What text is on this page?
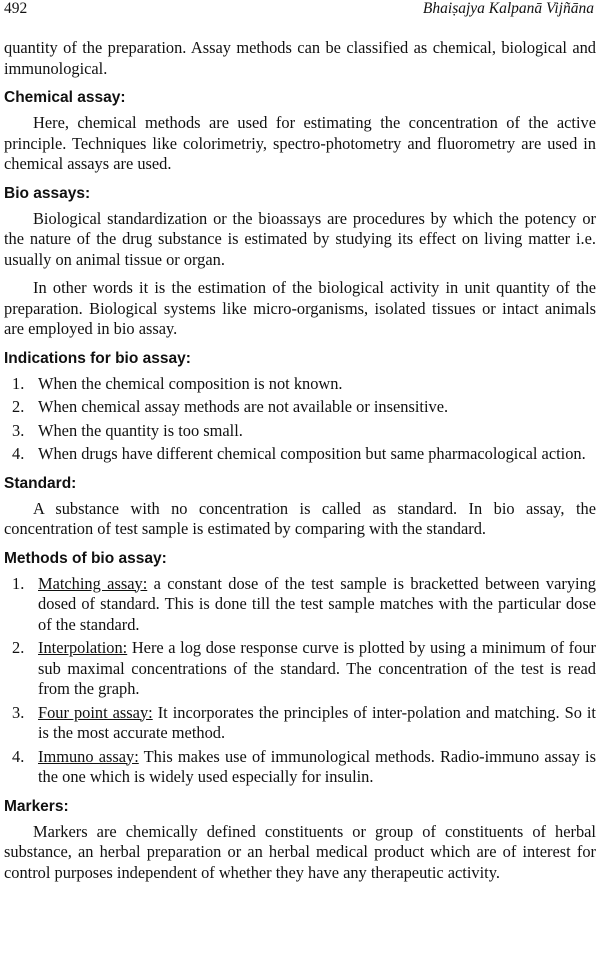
492	Bhaiṣajya Kalpanā Vijñāna

quantity of the preparation. Assay methods can be classified as chemical, biological and immunological.

Chemical assay:

Here, chemical methods are used for estimating the concentration of the active principle. Techniques like colorimetriy, spectro-photometry and fluorometry are used in chemical assays are used.

Bio assays:

Biological standardization or the bioassays are procedures by which the potency or the nature of the drug substance is estimated by studying its effect on living matter i.e. usually on animal tissue or organ.

In other words it is the estimation of the biological activity in unit quantity of the preparation. Biological systems like micro-organisms, isolated tissues or intact animals are employed in bio assay.

Indications for bio assay:
1. When the chemical composition is not known.
2. When chemical assay methods are not available or insensitive.
3. When the quantity is too small.
4. When drugs have different chemical composition but same pharmacological action.
Standard:

A substance with no concentration is called as standard. In bio assay, the concentration of test sample is estimated by comparing with the standard.

Methods of bio assay:
1. Matching assay: a constant dose of the test sample is bracketted between varying dosed of standard. This is done till the test sample matches with the particular dose of the standard.
2. Interpolation: Here a log dose response curve is plotted by using a minimum of four sub maximal concentrations of the standard. The concentration of the test is read from the graph.
3. Four point assay: It incorporates the principles of inter-polation and matching. So it is the most accurate method.
4. Immuno assay: This makes use of immunological methods. Radio-immuno assay is the one which is widely used especially for insulin.
Markers:

Markers are chemically defined constituents or group of constituents of herbal substance, an herbal preparation or an herbal medical product which are of interest for control purposes independent of whether they have any therapeutic activity.
